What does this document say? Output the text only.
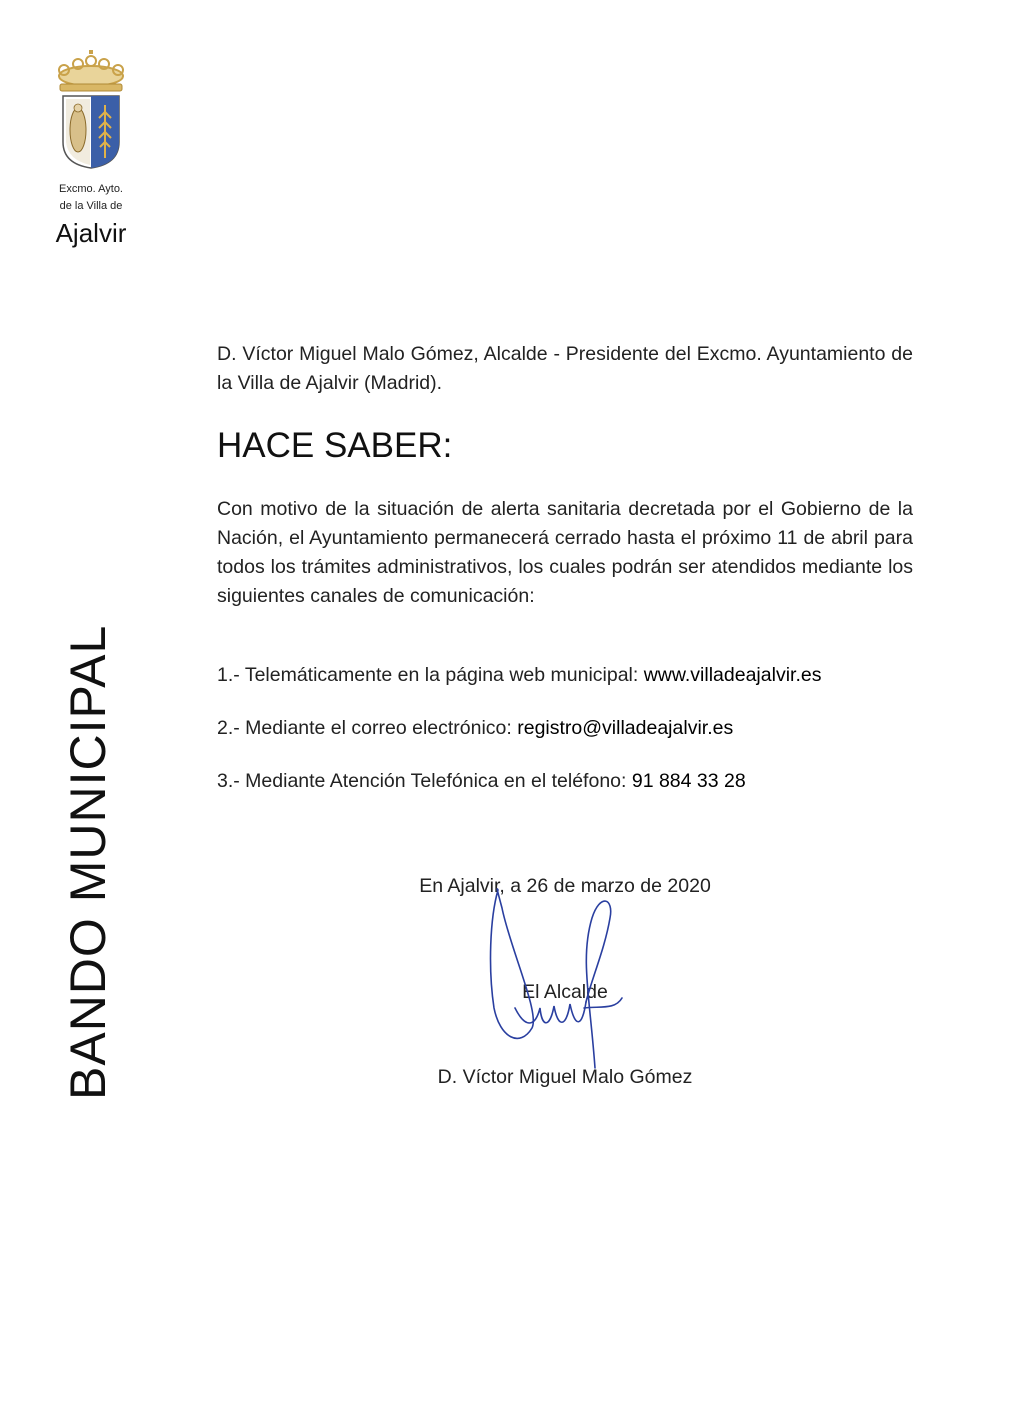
Excmo. Ayto.
de la Villa de
Ajalvir
BANDO MUNICIPAL
D. Víctor Miguel Malo Gómez, Alcalde - Presidente del Excmo. Ayuntamiento de la Villa de Ajalvir (Madrid).
HACE SABER:
Con motivo de la situación de alerta sanitaria decretada por el Gobierno de la Nación, el Ayuntamiento permanecerá cerrado hasta el próximo 11 de abril para todos los trámites administrativos, los cuales podrán ser atendidos mediante los siguientes canales de comunicación:
1.- Telemáticamente en la página web municipal: www.villadeajalvir.es
2.- Mediante el correo electrónico: registro@villadeajalvir.es
3.- Mediante Atención Telefónica en el teléfono: 91 884 33 28
En Ajalvir, a 26 de marzo de 2020
El Alcalde
D. Víctor Miguel Malo Gómez
